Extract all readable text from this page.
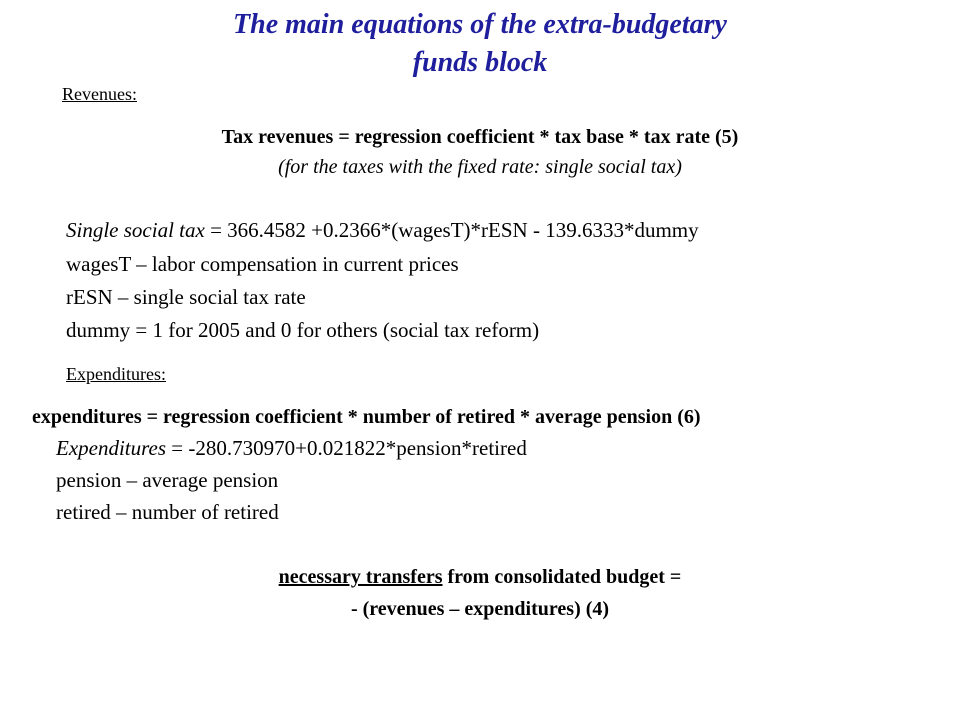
The main equations of the extra-budgetary
funds block
Revenues:
Tax revenues = regression coefficient * tax base * tax rate (5)
(for the taxes with the fixed rate: single social tax)
Single social tax = 366.4582 +0.2366*(wagesT)*rESN - 139.6333*dummy
wagesT – labor compensation in current prices
rESN – single social tax rate
dummy = 1 for 2005 and 0 for others (social tax reform)
Expenditures:
expenditures = regression coefficient * number of retired * average pension (6)
Expenditures = -280.730970+0.021822*pension*retired
pension – average pension
retired – number of retired
necessary transfers from consolidated budget =
- (revenues – expenditures) (4)
